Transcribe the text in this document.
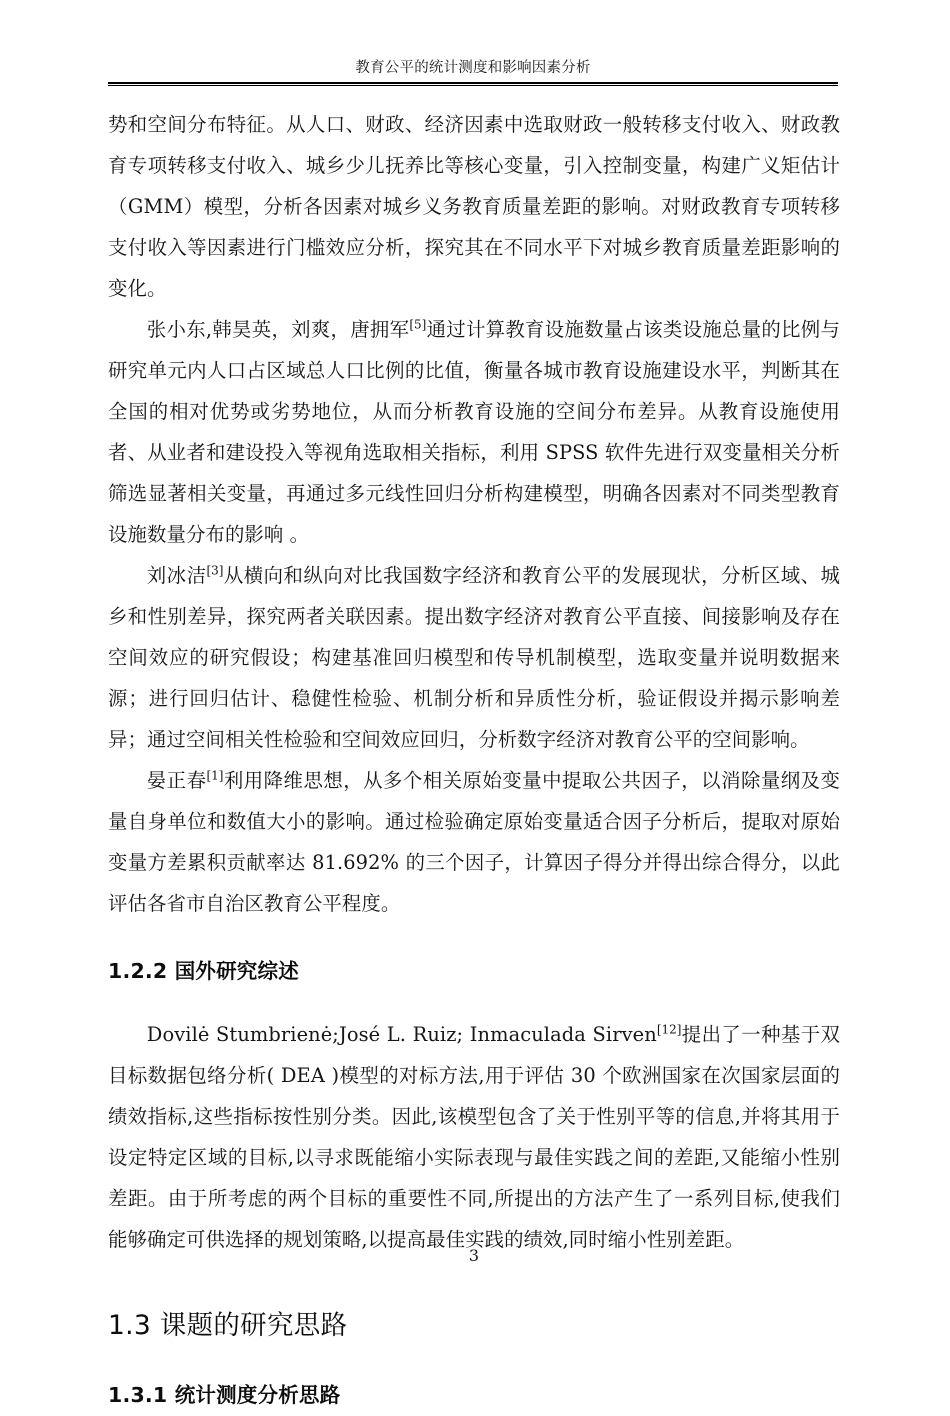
教育公平的统计测度和影响因素分析

势和空间分布特征。从人口、财政、经济因素中选取财政一般转移支付收入、财政教育专项转移支付收入、城乡少儿抚养比等核心变量，引入控制变量，构建广义矩估计（GMM）模型，分析各因素对城乡义务教育质量差距的影响。对财政教育专项转移支付收入等因素进行门槛效应分析，探究其在不同水平下对城乡教育质量差距影响的变化。

张小东,韩昊英，刘爽，唐拥军[5]通过计算教育设施数量占该类设施总量的比例与研究单元内人口占区域总人口比例的比值，衡量各城市教育设施建设水平，判断其在全国的相对优势或劣势地位，从而分析教育设施的空间分布差异。从教育设施使用者、从业者和建设投入等视角选取相关指标，利用 SPSS 软件先进行双变量相关分析筛选显著相关变量，再通过多元线性回归分析构建模型，明确各因素对不同类型教育设施数量分布的影响 。

刘冰洁[3]从横向和纵向对比我国数字经济和教育公平的发展现状，分析区域、城乡和性别差异，探究两者关联因素。提出数字经济对教育公平直接、间接影响及存在空间效应的研究假设；构建基准回归模型和传导机制模型，选取变量并说明数据来源；进行回归估计、稳健性检验、机制分析和异质性分析，验证假设并揭示影响差异；通过空间相关性检验和空间效应回归，分析数字经济对教育公平的空间影响。

晏正春[1]利用降维思想，从多个相关原始变量中提取公共因子，以消除量纲及变量自身单位和数值大小的影响。通过检验确定原始变量适合因子分析后，提取对原始变量方差累积贡献率达 81.692% 的三个因子，计算因子得分并得出综合得分，以此评估各省市自治区教育公平程度。

1.2.2 国外研究综述

Dovilė Stumbrienė;José L. Ruiz; Inmaculada Sirven[12]提出了一种基于双目标数据包络分析( DEA )模型的对标方法,用于评估 30 个欧洲国家在次国家层面的绩效指标,这些指标按性别分类。因此,该模型包含了关于性别平等的信息,并将其用于设定特定区域的目标,以寻求既能缩小实际表现与最佳实践之间的差距,又能缩小性别差距。由于所考虑的两个目标的重要性不同,所提出的方法产生了一系列目标,使我们能够确定可供选择的规划策略,以提高最佳实践的绩效,同时缩小性别差距。

1.3 课题的研究思路
1.3.1 统计测度分析思路
3
